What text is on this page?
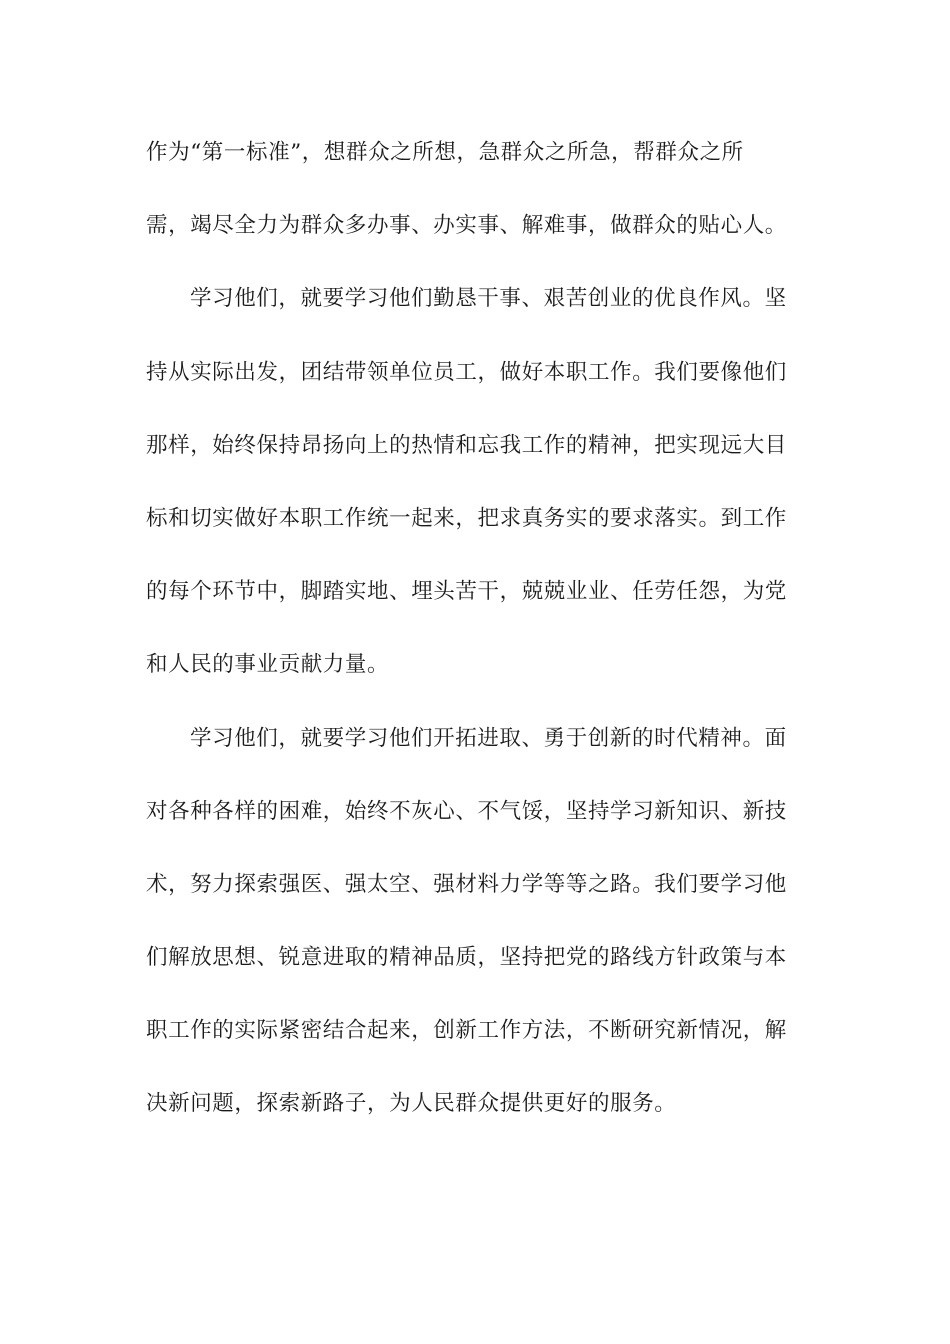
作为“第一标准”，想群众之所想，急群众之所急，帮群众之所
需，竭尽全力为群众多办事、办实事、解难事，做群众的贴心人。
学习他们，就要学习他们勤恳干事、艰苦创业的优良作风。坚
持从实际出发，团结带领单位员工，做好本职工作。我们要像他们
那样，始终保持昂扬向上的热情和忘我工作的精神，把实现远大目
标和切实做好本职工作统一起来，把求真务实的要求落实。到工作
的每个环节中，脚踏实地、埋头苦干，兢兢业业、任劳任怨，为党
和人民的事业贡献力量。
学习他们，就要学习他们开拓进取、勇于创新的时代精神。面
对各种各样的困难，始终不灰心、不气馁，坚持学习新知识、新技
术，努力探索强医、强太空、强材料力学等等之路。我们要学习他
们解放思想、锐意进取的精神品质，坚持把党的路线方针政策与本
职工作的实际紧密结合起来，创新工作方法，不断研究新情况，解
决新问题，探索新路子，为人民群众提供更好的服务。
